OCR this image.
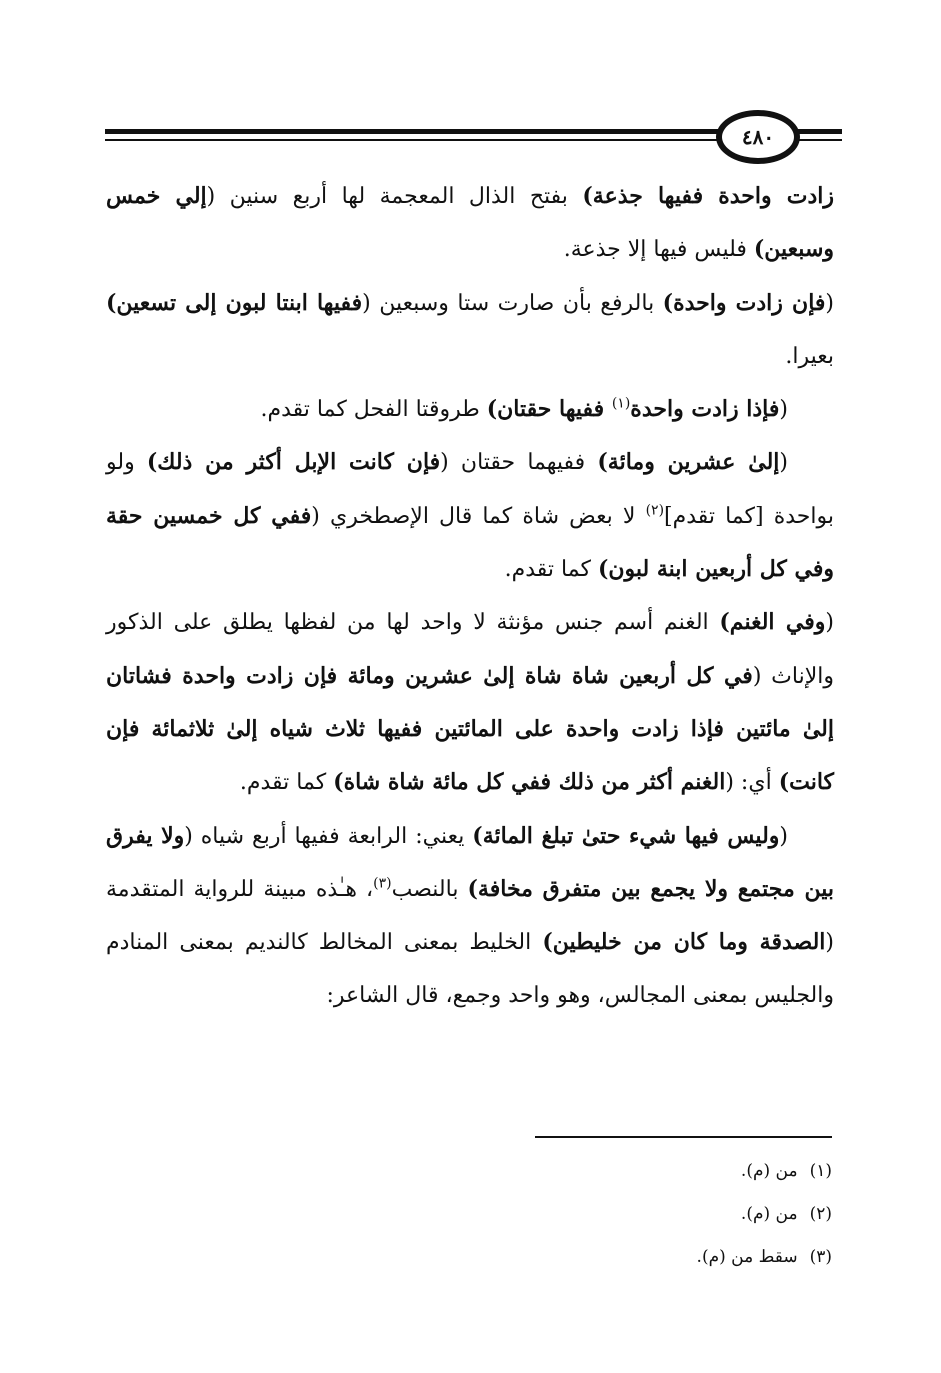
٤٨٠

زادت واحدة ففيها جذعة) بفتح الذال المعجمة لها أربع سنين (إلي خمس وسبعين) فليس فيها إلا جذعة.

(فإن زادت واحدة) بالرفع بأن صارت ستا وسبعين (ففيها ابنتا لبون إلى تسعين) بعيرا.

(فإذا زادت واحدة$^{(١)}$ ففيها حقتان) طروقتا الفحل كما تقدم.

(إلىٰ عشرين ومائة) ففيهما حقتان (فإن كانت الإبل أكثر من ذلك) ولو بواحدة [كما تقدم]$^{(٢)}$ لا بعض شاة كما قال الإصطخري (ففي كل خمسين حقة وفي كل أربعين ابنة لبون) كما تقدم.

(وفي الغنم) الغنم أسم جنس مؤنثة لا واحد لها من لفظها يطلق على الذكور والإناث (في كل أربعين شاة شاة إلىٰ عشرين ومائة فإن زادت واحدة فشاتان إلىٰ مائتين فإذا زادت واحدة على المائتين ففيها ثلاث شياه إلىٰ ثلاثمائة فإن كانت) أي: (الغنم أكثر من ذلك ففي كل مائة شاة شاة) كما تقدم.

(وليس فيها شيء حتىٰ تبلغ المائة) يعني: الرابعة ففيها أربع شياه (ولا يفرق بين مجتمع ولا يجمع بين متفرق مخافة) بالنصب$^{(٣)}$، هـٰذه مبينة للرواية المتقدمة (الصدقة وما كان من خليطين) الخليط بمعنى المخالط كالنديم بمعنى المنادم والجليس بمعنى المجالس، وهو واحد وجمع، قال الشاعر:

(١)من (م).
(٢)من (م).
(٣)سقط من (م).
